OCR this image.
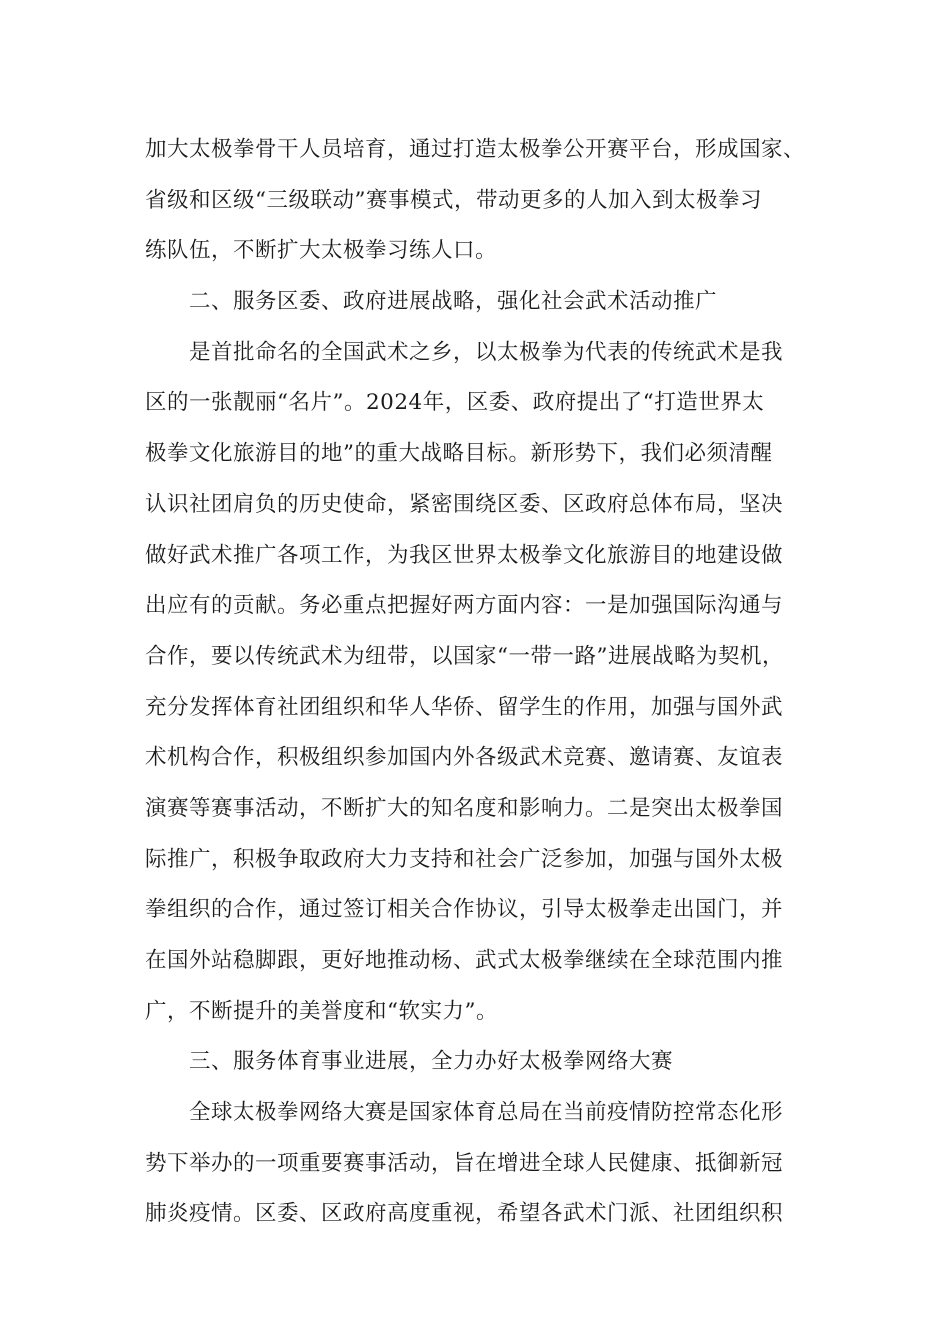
加大太极拳骨干人员培育，通过打造太极拳公开赛平台，形成国家、
省级和区级“三级联动”赛事模式，带动更多的人加入到太极拳习
练队伍，不断扩大太极拳习练人口。
二、服务区委、政府进展战略，强化社会武术活动推广
是首批命名的全国武术之乡，以太极拳为代表的传统武术是我
区的一张靓丽“名片”。2024年，区委、政府提出了“打造世界太
极拳文化旅游目的地”的重大战略目标。新形势下，我们必须清醒
认识社团肩负的历史使命，紧密围绕区委、区政府总体布局，坚决
做好武术推广各项工作，为我区世界太极拳文化旅游目的地建设做
出应有的贡献。务必重点把握好两方面内容：一是加强国际沟通与
合作，要以传统武术为纽带，以国家“一带一路”进展战略为契机，
充分发挥体育社团组织和华人华侨、留学生的作用，加强与国外武
术机构合作，积极组织参加国内外各级武术竞赛、邀请赛、友谊表
演赛等赛事活动，不断扩大的知名度和影响力。二是突出太极拳国
际推广，积极争取政府大力支持和社会广泛参加，加强与国外太极
拳组织的合作，通过签订相关合作协议，引导太极拳走出国门，并
在国外站稳脚跟，更好地推动杨、武式太极拳继续在全球范围内推
广，不断提升的美誉度和“软实力”。
三、服务体育事业进展，全力办好太极拳网络大赛
全球太极拳网络大赛是国家体育总局在当前疫情防控常态化形
势下举办的一项重要赛事活动，旨在增进全球人民健康、抵御新冠
肺炎疫情。区委、区政府高度重视，希望各武术门派、社团组织积
